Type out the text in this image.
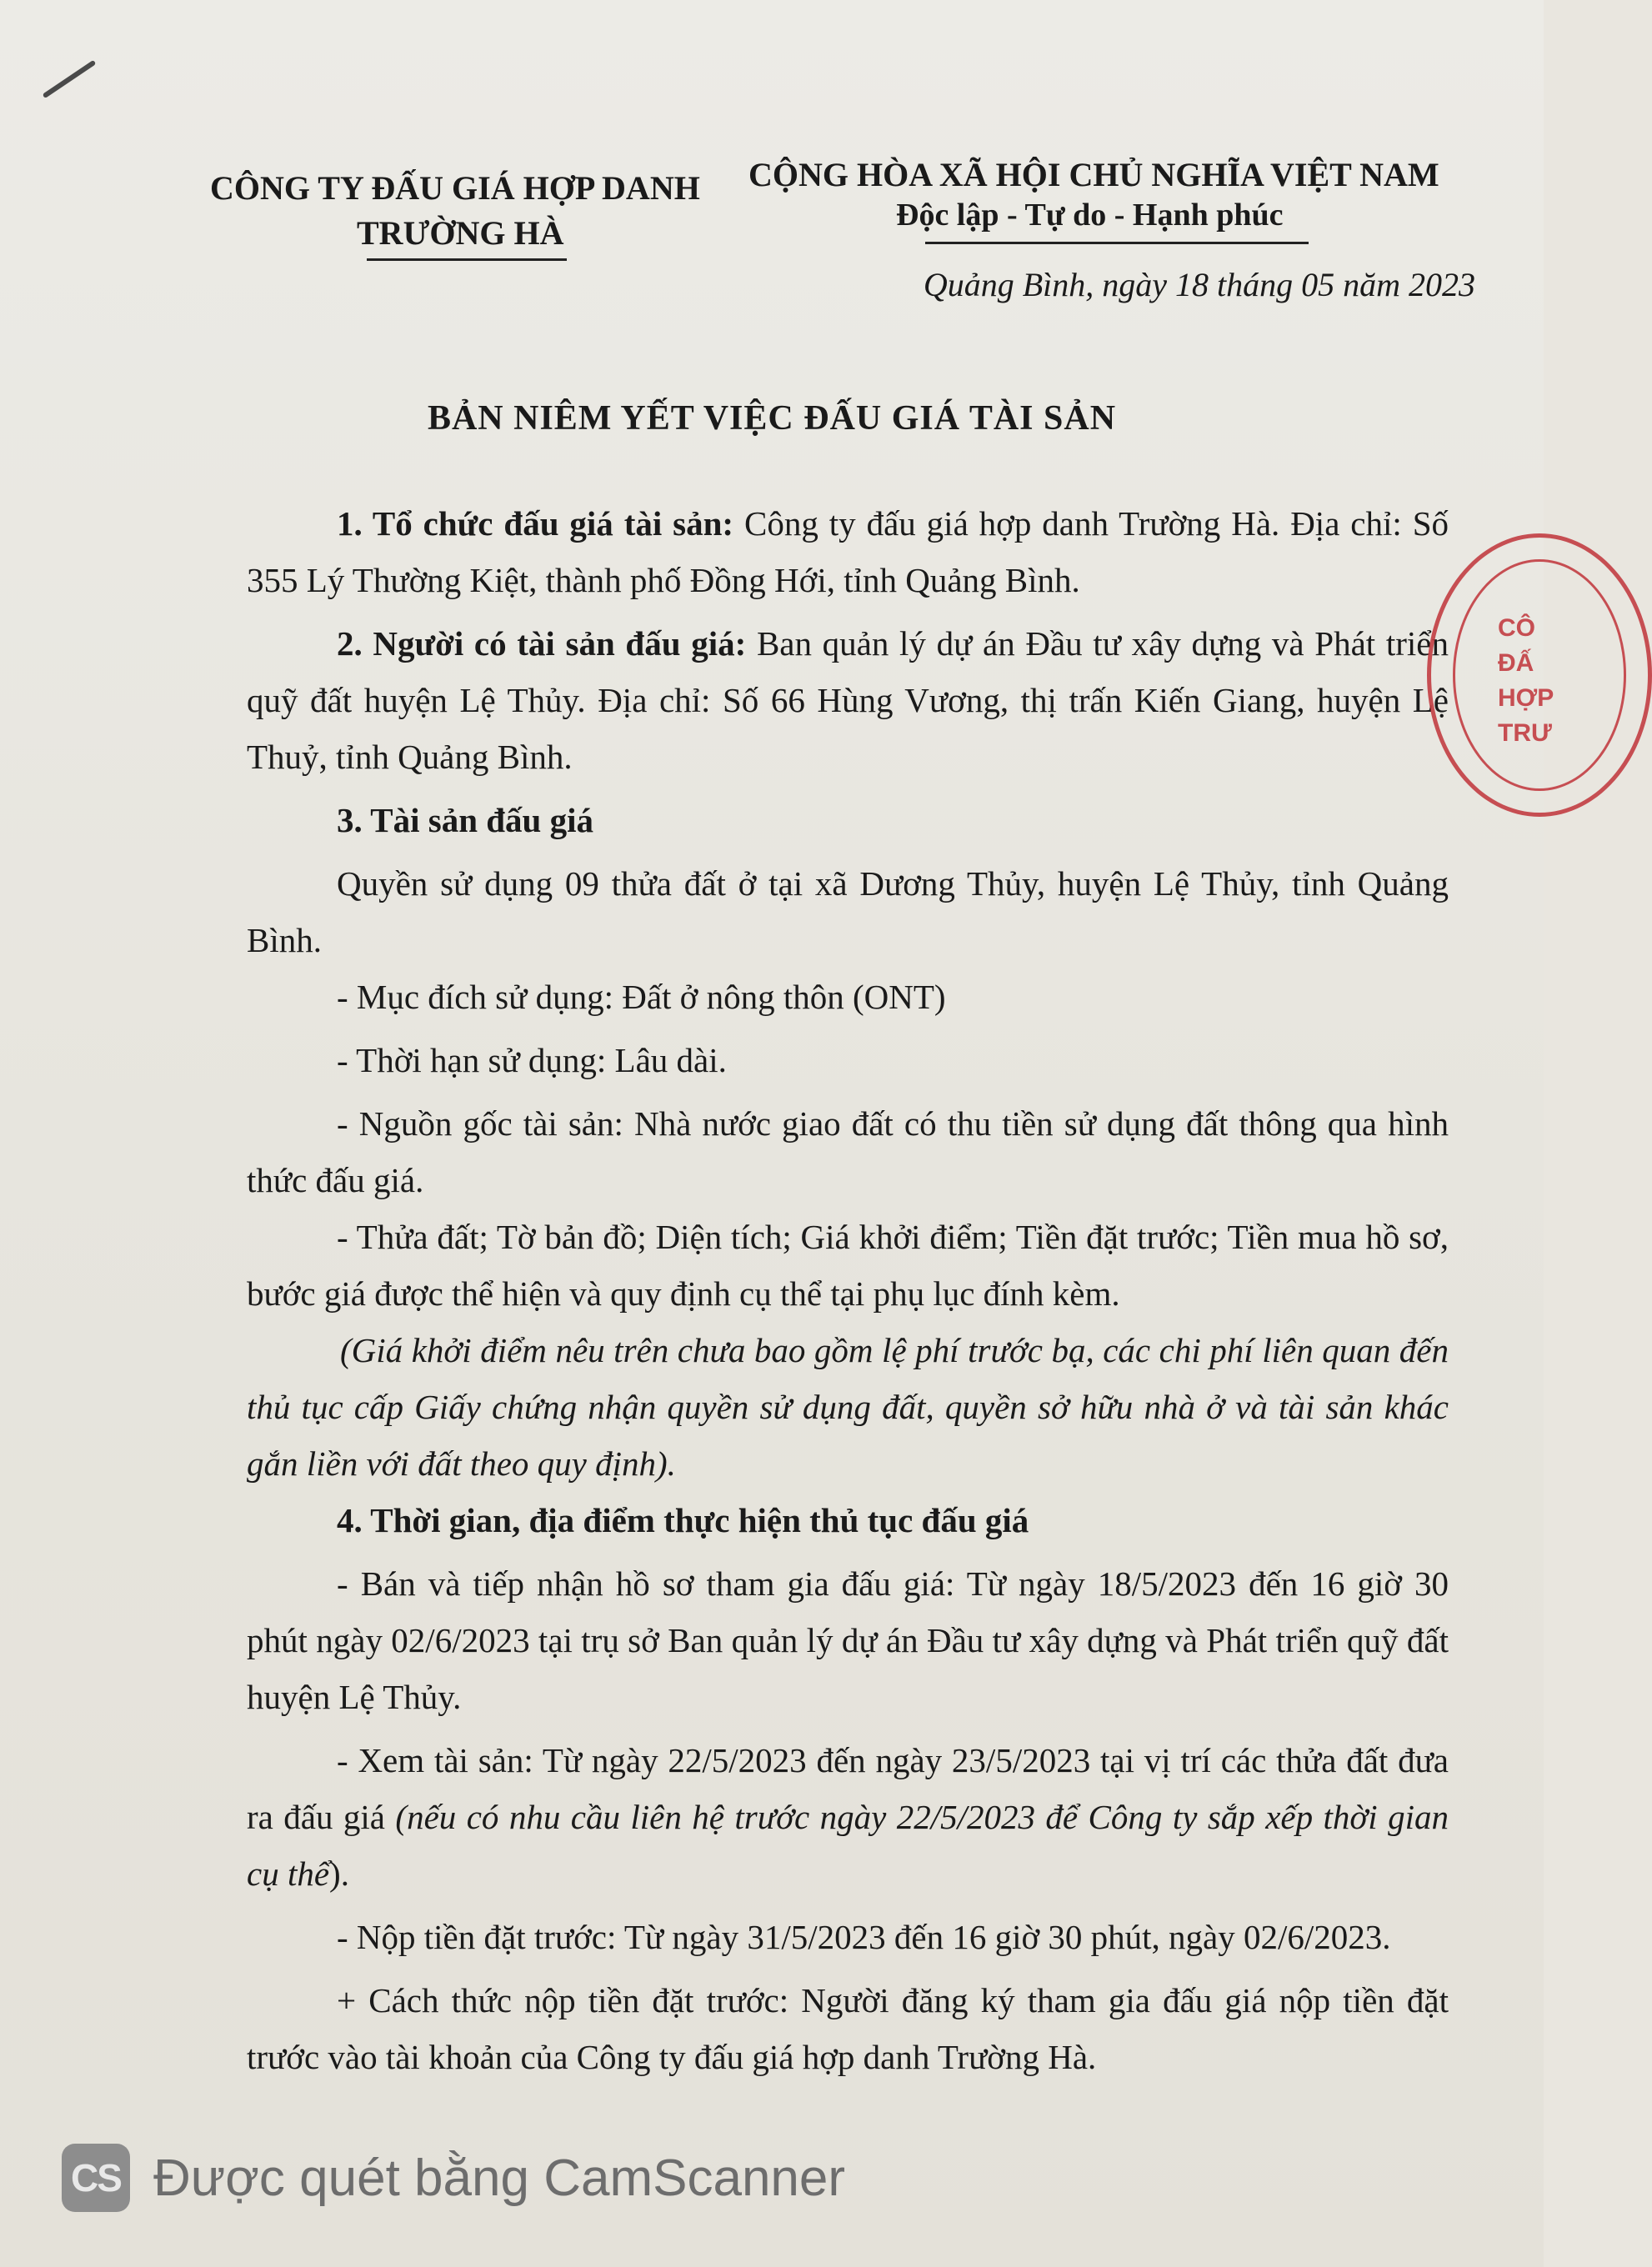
CÔNG TY ĐẤU GIÁ HỢP DANH
TRƯỜNG HÀ
CỘNG HÒA XÃ HỘI CHỦ NGHĨA VIỆT NAM
Độc lập - Tự do - Hạnh phúc
Quảng Bình, ngày 18 tháng 05 năm 2023
BẢN NIÊM YẾT VIỆC ĐẤU GIÁ TÀI SẢN

1. Tổ chức đấu giá tài sản: Công ty đấu giá hợp danh Trường Hà. Địa chỉ: Số 355 Lý Thường Kiệt, thành phố Đồng Hới, tỉnh Quảng Bình.

2. Người có tài sản đấu giá: Ban quản lý dự án Đầu tư xây dựng và Phát triển quỹ đất huyện Lệ Thủy. Địa chỉ: Số 66 Hùng Vương, thị trấn Kiến Giang, huyện Lệ Thuỷ, tỉnh Quảng Bình.

3. Tài sản đấu giá

Quyền sử dụng 09 thửa đất ở tại xã Dương Thủy, huyện Lệ Thủy, tỉnh Quảng Bình.

- Mục đích sử dụng: Đất ở nông thôn (ONT)

- Thời hạn sử dụng: Lâu dài.

- Nguồn gốc tài sản: Nhà nước giao đất có thu tiền sử dụng đất thông qua hình thức đấu giá.

- Thửa đất; Tờ bản đồ; Diện tích; Giá khởi điểm; Tiền đặt trước; Tiền mua hồ sơ, bước giá được thể hiện và quy định cụ thể tại phụ lục đính kèm.

(Giá khởi điểm nêu trên chưa bao gồm lệ phí trước bạ, các chi phí liên quan đến thủ tục cấp Giấy chứng nhận quyền sử dụng đất, quyền sở hữu nhà ở và tài sản khác gắn liền với đất theo quy định).

4. Thời gian, địa điểm thực hiện thủ tục đấu giá

- Bán và tiếp nhận hồ sơ tham gia đấu giá: Từ ngày 18/5/2023 đến 16 giờ 30 phút ngày 02/6/2023 tại trụ sở Ban quản lý dự án Đầu tư xây dựng và Phát triển quỹ đất huyện Lệ Thủy.

- Xem tài sản: Từ ngày 22/5/2023 đến ngày 23/5/2023 tại vị trí các thửa đất đưa ra đấu giá (nếu có nhu cầu liên hệ trước ngày 22/5/2023 để Công ty sắp xếp thời gian cụ thể).

- Nộp tiền đặt trước: Từ ngày 31/5/2023 đến 16 giờ 30 phút, ngày 02/6/2023.

+ Cách thức nộp tiền đặt trước: Người đăng ký tham gia đấu giá nộp tiền đặt trước vào tài khoản của Công ty đấu giá hợp danh Trường Hà.

CÔ
ĐẤ
HỢP
TRƯ
CS Được quét bằng CamScanner
